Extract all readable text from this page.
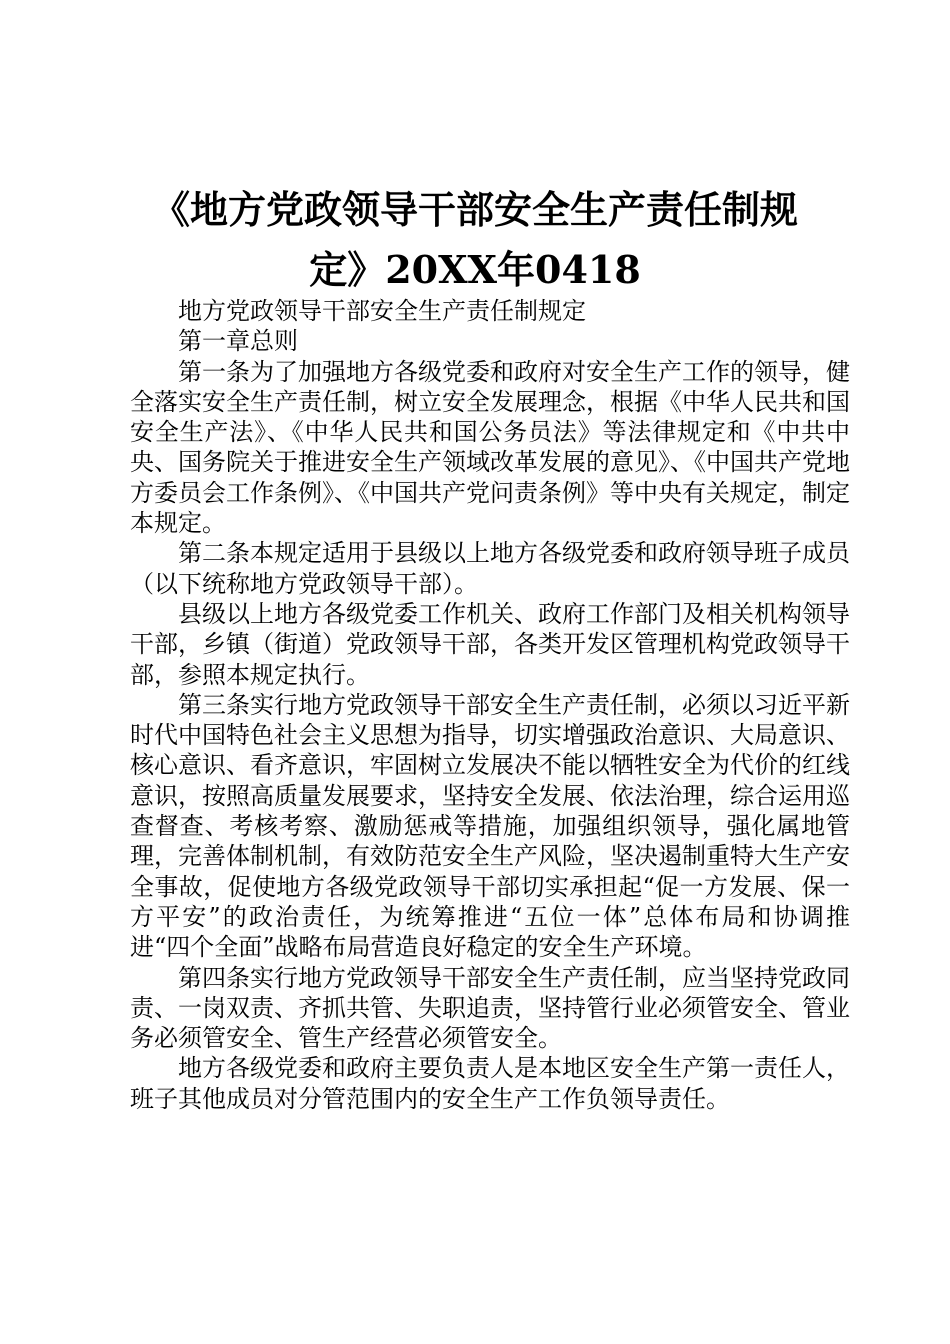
《地方党政领导干部安全生产责任制规
定》20XX年0418

地方党政领导干部安全生产责任制规定

第一章总则

第一条为了加强地方各级党委和政府对安全生产工作的领导，健全落实安全生产责任制，树立安全发展理念，根据《中华人民共和国安全生产法》、《中华人民共和国公务员法》等法律规定和《中共中央、国务院关于推进安全生产领域改革发展的意见》、《中国共产党地方委员会工作条例》、《中国共产党问责条例》等中央有关规定，制定本规定。

第二条本规定适用于县级以上地方各级党委和政府领导班子成员（以下统称地方党政领导干部）。

县级以上地方各级党委工作机关、政府工作部门及相关机构领导干部，乡镇（街道）党政领导干部，各类开发区管理机构党政领导干部，参照本规定执行。

第三条实行地方党政领导干部安全生产责任制，必须以习近平新时代中国特色社会主义思想为指导，切实增强政治意识、大局意识、核心意识、看齐意识，牢固树立发展决不能以牺牲安全为代价的红线意识，按照高质量发展要求，坚持安全发展、依法治理，综合运用巡查督查、考核考察、激励惩戒等措施，加强组织领导，强化属地管理，完善体制机制，有效防范安全生产风险，坚决遏制重特大生产安全事故，促使地方各级党政领导干部切实承担起“促一方发展、保一方平安”的政治责任，为统筹推进“五位一体”总体布局和协调推进“四个全面”战略布局营造良好稳定的安全生产环境。

第四条实行地方党政领导干部安全生产责任制，应当坚持党政同责、一岗双责、齐抓共管、失职追责，坚持管行业必须管安全、管业务必须管安全、管生产经营必须管安全。

地方各级党委和政府主要负责人是本地区安全生产第一责任人，班子其他成员对分管范围内的安全生产工作负领导责任。
